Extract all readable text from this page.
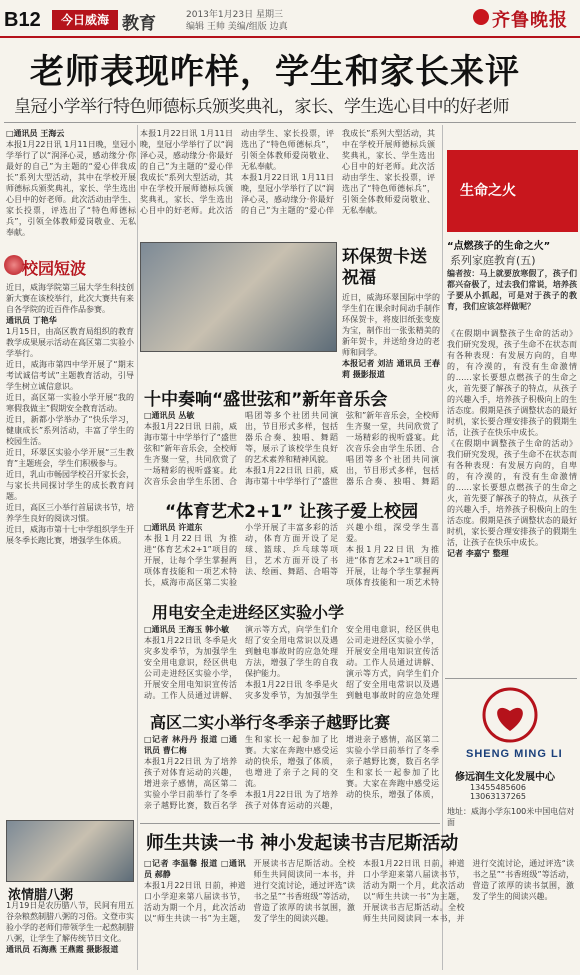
B12	今日威海 教育	2013年1月23日 星期三
编辑 王帅 美编/组版 边真	齐鲁晚报
老师表现咋样，学生和家长来评
皇冠小学举行特色师德标兵颁奖典礼，家长、学生选心目中的好老师
□通讯员 王海云
本报1月22日讯 1月11日晚，皇冠小学举行了以“润泽心灵，感动缘分·你最好的自己”为主题的“爱心伴我成长”系列大型活动，其中在学校开展师德标兵颁奖典礼，家长、学生选出心目中的好老师。此次活动由学生、家长投票，评选出了“特色师德标兵”，引领全体教师爱岗敬业、无私奉献。
本报1月22日讯 1月11日晚，皇冠小学举行了以“润泽心灵，感动缘分·你最好的自己”为主题的“爱心伴我成长”系列大型活动，其中在学校开展师德标兵颁奖典礼，家长、学生选出心目中的好老师。此次活动由学生、家长投票，评选出了“特色师德标兵”，引领全体教师爱岗敬业、无私奉献。
本报1月22日讯 1月11日晚，皇冠小学举行了以“润泽心灵，感动缘分·你最好的自己”为主题的“爱心伴我成长”系列大型活动，其中在学校开展师德标兵颁奖典礼，家长、学生选出心目中的好老师。此次活动由学生、家长投票，评选出了“特色师德标兵”，引领全体教师爱岗敬业、无私奉献。
校园短波
近日，威海学院第三届大学生科技创新大赛在该校举行，此次大赛共有来自各学院的近百件作品参赛。
通讯员 丁艳华
1月15日，由高区教育局组织的教育教学成果展示活动在高区第二实验小学举行。
近日，威海市第四中学开展了“期末考试诚信考试”主题教育活动，引导学生树立诚信意识。
近日，高区第一实验小学开展“我的寒假我做主”假期安全教育活动。
近日，新都小学举办了“快乐学习，健康成长”系列活动，丰富了学生的校园生活。
近日，环翠区实验小学开展“三生教育”主题班会，学生们积极参与。
近日，乳山市畅园学校召开家长会，与家长共同探讨学生的成长教育问题。
近日，高区三小举行首届读书节，培养学生良好的阅读习惯。
近日，威海市第十七中学组织学生开展冬季长跑比赛，增强学生体质。
环保贺卡送祝福
近日，威海环翠国际中学的学生们在课余时间动手制作环保贺卡，将废旧纸张变废为宝，制作出一张张精美的新年贺卡，并送给身边的老师和同学。
本报记者 刘洁 通讯员 王春莉 摄影报道
十中奏响“盛世弦和”新年音乐会
□通讯员 丛敏
本报1月22日讯 日前，威海市第十中学举行了“盛世弦和”新年音乐会，全校师生齐聚一堂，共同欣赏了一场精彩的视听盛宴。此次音乐会由学生乐团、合唱团等多个社团共同演出，节目形式多样，包括器乐合奏、独唱、舞蹈等，展示了该校学生良好的艺术素养和精神风貌。
本报1月22日讯 日前，威海市第十中学举行了“盛世弦和”新年音乐会，全校师生齐聚一堂，共同欣赏了一场精彩的视听盛宴。此次音乐会由学生乐团、合唱团等多个社团共同演出，节目形式多样，包括器乐合奏、独唱、舞蹈
“体育艺术2+1” 让孩子爱上校园
□通讯员 许道东
本报1月22日讯 为推进“体育艺术2+1”项目的开展，让每个学生掌握两项体育技能和一项艺术特长，威海市高区第二实验小学开展了丰富多彩的活动，体育方面开设了足球、篮球、乒乓球等项目，艺术方面开设了书法、绘画、舞蹈、合唱等兴趣小组，深受学生喜爱。
本报1月22日讯 为推进“体育艺术2+1”项目的开展，让每个学生掌握两项体育技能和一项艺术特
用电安全走进经区实验小学
□通讯员 王海玉 韩小敏
本报1月22日讯 冬季是火灾多发季节，为加强学生安全用电意识，经区供电公司走进经区实验小学，开展安全用电知识宣传活动。工作人员通过讲解、演示等方式，向学生们介绍了安全用电常识以及遇到触电事故时的应急处理方法，增强了学生的自我保护能力。
本报1月22日讯 冬季是火灾多发季节，为加强学生安全用电意识，经区供电公司走进经区实验小学，开展安全用电知识宣传活动。工作人员通过讲解、演示等方式，向学生们介绍了安全用电常识以及遇到触电事故时的应急处理
高区二实小举行冬季亲子越野比赛
□记者 林丹丹 报道 □通讯员 曹仁梅
本报1月22日讯 为了培养孩子对体育运动的兴趣，增进亲子感情，高区第二实验小学日前举行了冬季亲子越野比赛，数百名学生和家长一起参加了比赛。大家在奔跑中感受运动的快乐，增强了体质，也增进了亲子之间的交流。
本报1月22日讯 为了培养孩子对体育运动的兴趣，增进亲子感情，高区第二实验小学日前举行了冬季亲子越野比赛，数百名学生和家长一起参加了比赛。大家在奔跑中感受运动的快乐，增强了体质，
浓情腊八粥
1月19日是农历腊八节，民间有用五谷杂粮熬制腊八粥的习俗。文登市实验小学的老师们带领学生一起熬制腊八粥，让学生了解传统节日文化。
通讯员 石海燕 王燕霞 摄影报道
师生共读一书 神小发起读书吉尼斯活动
□记者 李温馨 报道 □通讯员 郝静
本报1月22日讯 日前，神道口小学迎来第八届读书节，活动为期一个月，此次活动以“师生共读一书”为主题，开展读书吉尼斯活动。全校师生共同阅读同一本书，并进行交流讨论，通过评选“读书之星”“书香班级”等活动，营造了浓厚的读书氛围，激发了学生的阅读兴趣。
本报1月22日讯 日前，神道口小学迎来第八届读书节，活动为期一个月，此次活动以“师生共读一书”为主题，开展读书吉尼斯活动。全校师生共同阅读同一本书，并进行交流讨论，通过评选“读书之星”“书香班级”等活动，营造了浓厚的读书氛围，激发了学生的阅读兴趣。
生命之火
“点燃孩子的生命之火”
系列家庭教育(五)
编者按：马上就要放寒假了，孩子们都兴奋极了，过去我们常说，培养孩子要从小抓起，可是对于孩子的教育，我们应该怎样做呢？
《在假期中调整孩子生命的活动》 我们研究发现，孩子生命不在状态而有各种表现：有发展方向的，自卑的，有冷漠的，有没有生命激情的……家长要想点燃孩子的生命之火，首先要了解孩子的特点，从孩子的兴趣入手，培养孩子积极向上的生活态度。假期是孩子调整状态的最好时机，家长要合理安排孩子的假期生活，让孩子在快乐中成长。
《在假期中调整孩子生命的活动》 我们研究发现，孩子生命不在状态而有各种表现：有发展方向的，自卑的，有冷漠的，有没有生命激情的……家长要想点燃孩子的生命之火，首先要了解孩子的特点，从孩子的兴趣入手，培养孩子积极向上的生活态度。假期是孩子调整状态的最好时机，家长要合理安排孩子的假期生活，让孩子在快乐中成长。
记者 李嘉宁 整理
SHENG MING LI
修远润生文化发展中心
13455485606 13063137265
地址：威海小学东100米中国电信对面
